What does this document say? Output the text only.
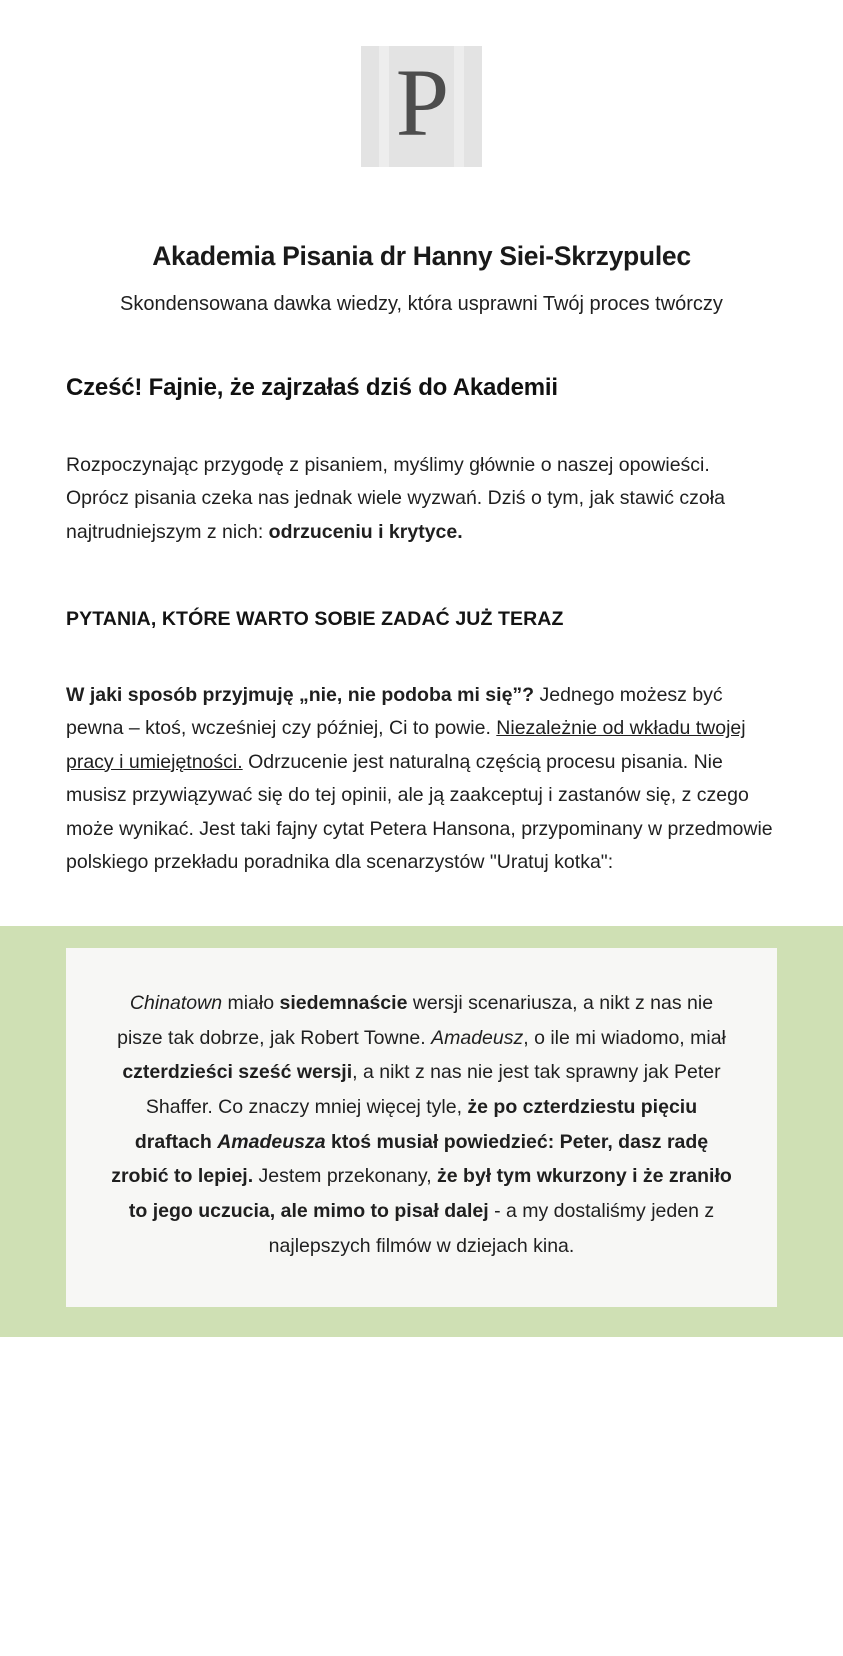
P
Akademia Pisania dr Hanny Siei-Skrzypulec

Skondensowana dawka wiedzy, która usprawni Twój proces twórczy

Cześć! Fajnie, że zajrzałaś dziś do Akademii

Rozpoczynając przygodę z pisaniem, myślimy głównie o naszej opowieści. Oprócz pisania czeka nas jednak wiele wyzwań. Dziś o tym, jak stawić czoła najtrudniejszym z nich: odrzuceniu i krytyce.

PYTANIA, KTÓRE WARTO SOBIE ZADAĆ JUŻ TERAZ

W jaki sposób przyjmuję „nie, nie podoba mi się”? Jednego możesz być pewna – ktoś, wcześniej czy później, Ci to powie. Niezależnie od wkładu twojej pracy i umiejętności. Odrzucenie jest naturalną częścią procesu pisania. Nie musisz przywiązywać się do tej opinii, ale ją zaakceptuj i zastanów się, z czego może wynikać. Jest taki fajny cytat Petera Hansona, przypominany w przedmowie polskiego przekładu poradnika dla scenarzystów "Uratuj kotka":

Chinatown miało siedemnaście wersji scenariusza, a nikt z nas nie pisze tak dobrze, jak Robert Towne. Amadeusz, o ile mi wiadomo, miał czterdzieści sześć wersji, a nikt z nas nie jest tak sprawny jak Peter Shaffer. Co znaczy mniej więcej tyle, że po czterdziestu pięciu draftach Amadeusza ktoś musiał powiedzieć: Peter, dasz radę zrobić to lepiej. Jestem przekonany, że był tym wkurzony i że zraniło to jego uczucia, ale mimo to pisał dalej - a my dostaliśmy jeden z najlepszych filmów w dziejach kina.
